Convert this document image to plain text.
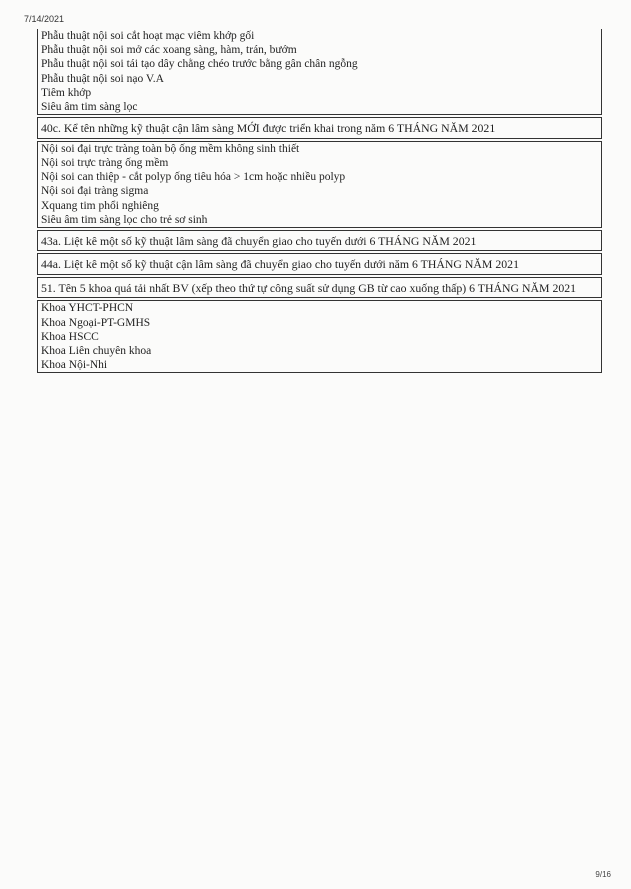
7/14/2021
Phẫu thuật nội soi cắt hoạt mạc viêm khớp gối
Phẫu thuật nội soi mở các xoang sàng, hàm, trán, bướm
Phẫu thuật nội soi tái tạo dây chằng chéo trước bằng gân chân ngỗng
Phẫu thuật nội soi nạo V.A
Tiêm khớp
Siêu âm tim sàng lọc
40c. Kể tên những kỹ thuật cận lâm sàng MỚI được triển khai trong năm 6 THÁNG NĂM 2021
Nội soi đại trực tràng toàn bộ ống mềm không sinh thiết
Nội soi trực tràng ống mềm
Nội soi can thiệp - cắt polyp ống tiêu hóa > 1cm hoặc nhiều polyp
Nội soi đại tràng sigma
Xquang tim phổi nghiêng
Siêu âm tim sàng lọc cho trẻ sơ sinh
43a. Liệt kê một số kỹ thuật lâm sàng đã chuyển giao cho tuyến dưới 6 THÁNG NĂM 2021
44a. Liệt kê một số kỹ thuật cận lâm sàng đã chuyển giao cho tuyến dưới năm 6 THÁNG NĂM 2021
51. Tên 5 khoa quá tải nhất BV (xếp theo thứ tự công suất sử dụng GB từ cao xuống thấp) 6 THÁNG NĂM 2021
Khoa YHCT-PHCN
Khoa Ngoại-PT-GMHS
Khoa HSCC
Khoa Liên chuyên khoa
Khoa Nội-Nhi
9/16
